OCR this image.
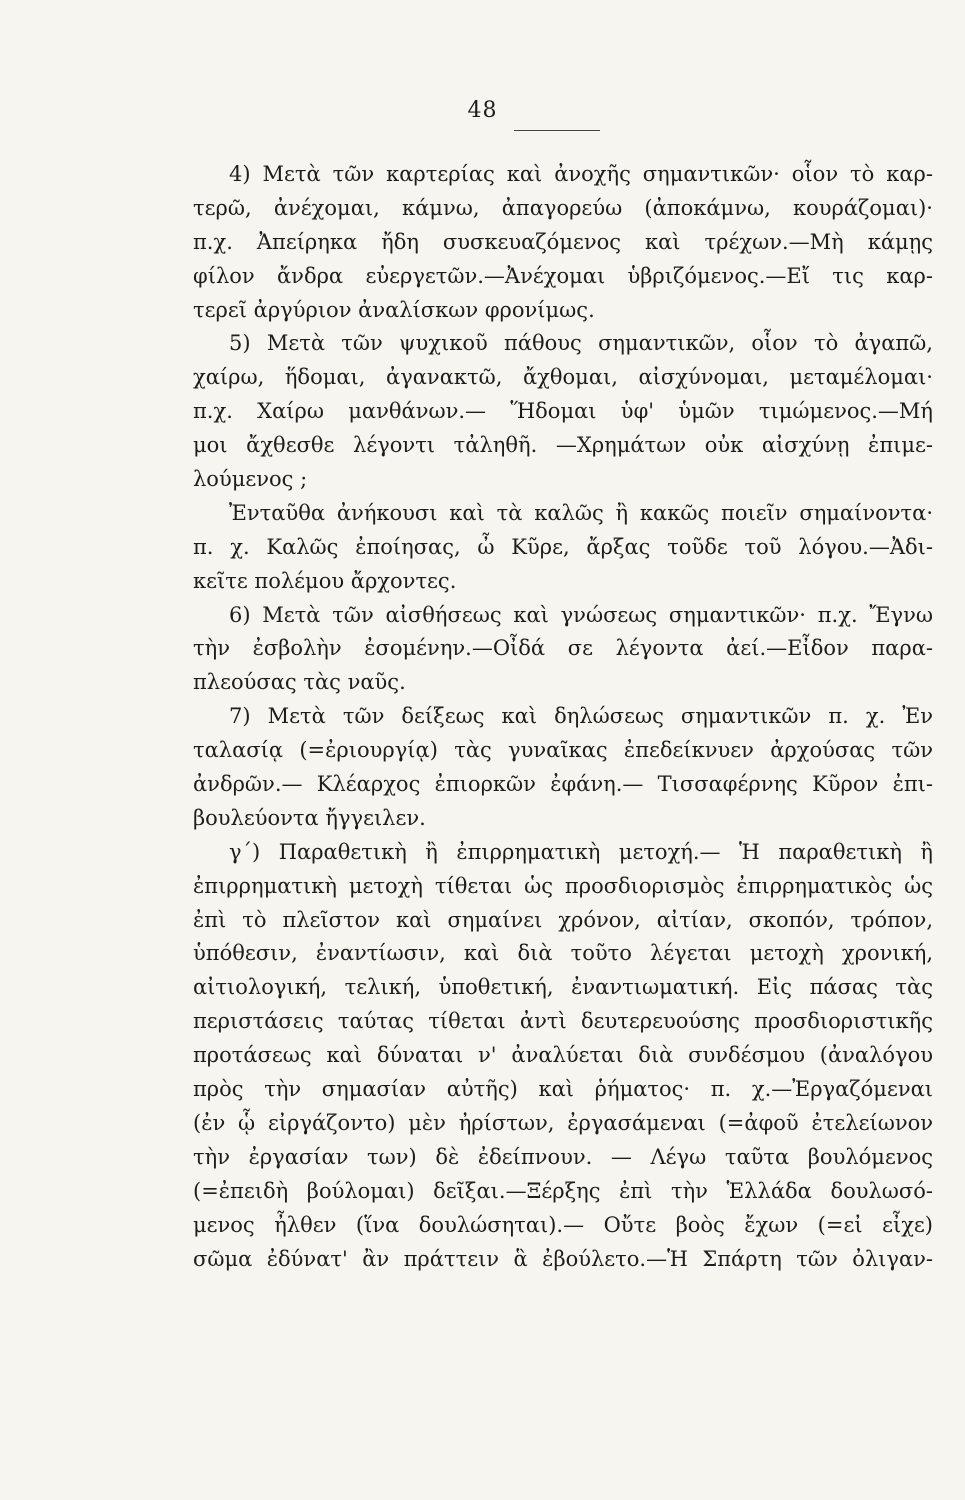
48
4) Μετὰ τῶν καρτερίας καὶ ἀνοχῆς σημαντικῶν· οἷον τὸ καρ-
τερῶ, ἀνέχομαι, κάμνω, ἀπαγορεύω (ἀποκάμνω, κουράζομαι)·
π.χ. Ἀπείρηκα ἤδη συσκευαζόμενος καὶ τρέχων.—Μὴ κάμῃς
φίλον ἄνδρα εὐεργετῶν.—Ἀνέχομαι ὑβριζόμενος.—Εἴ τις καρ-
τερεῖ ἀργύριον ἀναλίσκων φρονίμως.
5) Μετὰ τῶν ψυχικοῦ πάθους σημαντικῶν, οἷον τὸ ἀγαπῶ,
χαίρω, ἥδομαι, ἀγανακτῶ, ἄχθομαι, αἰσχύνομαι, μεταμέλομαι·
π.χ. Χαίρω μανθάνων.— Ἥδομαι ὑφ' ὑμῶν τιμώμενος.—Μή
μοι ἄχθεσθε λέγοντι τἀληθῆ. —Χρημάτων οὐκ αἰσχύνῃ ἐπιμε-
λούμενος ;
Ἐνταῦθα ἀνήκουσι καὶ τὰ καλῶς ἢ κακῶς ποιεῖν σημαίνοντα·
π. χ. Καλῶς ἐποίησας, ὦ Κῦρε, ἄρξας τοῦδε τοῦ λόγου.—Ἀδι-
κεῖτε πολέμου ἄρχοντες.
6) Μετὰ τῶν αἰσθήσεως καὶ γνώσεως σημαντικῶν· π.χ. Ἔγνω
τὴν ἐσβολὴν ἐσομένην.—Οἶδά σε λέγοντα ἀεί.—Εἶδον παρα-
πλεούσας τὰς ναῦς.
7) Μετὰ τῶν δείξεως καὶ δηλώσεως σημαντικῶν π. χ. Ἐν
ταλασίᾳ (=ἐριουργίᾳ) τὰς γυναῖκας ἐπεδείκνυεν ἀρχούσας τῶν
ἀνδρῶν.— Κλέαρχος ἐπιορκῶν ἐφάνη.— Τισσαφέρνης Κῦρον ἐπι-
βουλεύοντα ἤγγειλεν.
γ΄) Παραθετικὴ ἢ ἐπιρρηματικὴ μετοχή.— Ἡ παραθετικὴ ἢ
ἐπιρρηματικὴ μετοχὴ τίθεται ὡς προσδιορισμὸς ἐπιρρηματικὸς ὡς
ἐπὶ τὸ πλεῖστον καὶ σημαίνει χρόνον, αἰτίαν, σκοπόν, τρόπον,
ὑπόθεσιν, ἐναντίωσιν, καὶ διὰ τοῦτο λέγεται μετοχὴ χρονική,
αἰτιολογική, τελική, ὑποθετική, ἐναντιωματική. Εἰς πάσας τὰς
περιστάσεις ταύτας τίθεται ἀντὶ δευτερευούσης προσδιοριστικῆς
προτάσεως καὶ δύναται ν' ἀναλύεται διὰ συνδέσμου (ἀναλόγου
πρὸς τὴν σημασίαν αὐτῆς) καὶ ῥήματος· π. χ.—Ἐργαζόμεναι
(ἐν ᾧ εἰργάζοντο) μὲν ἠρίστων, ἐργασάμεναι (=ἀφοῦ ἐτελείωνον
τὴν ἐργασίαν των) δὲ ἐδείπνουν. — Λέγω ταῦτα βουλόμενος
(=ἐπειδὴ βούλομαι) δεῖξαι.—Ξέρξης ἐπὶ τὴν Ἑλλάδα δουλωσό-
μενος ἦλθεν (ἵνα δουλώσηται).— Οὔτε βοὸς ἔχων (=εἰ εἶχε)
σῶμα ἐδύνατ' ἂν πράττειν ἃ ἐβούλετο.—Ἡ Σπάρτη τῶν ὀλιγαν-
